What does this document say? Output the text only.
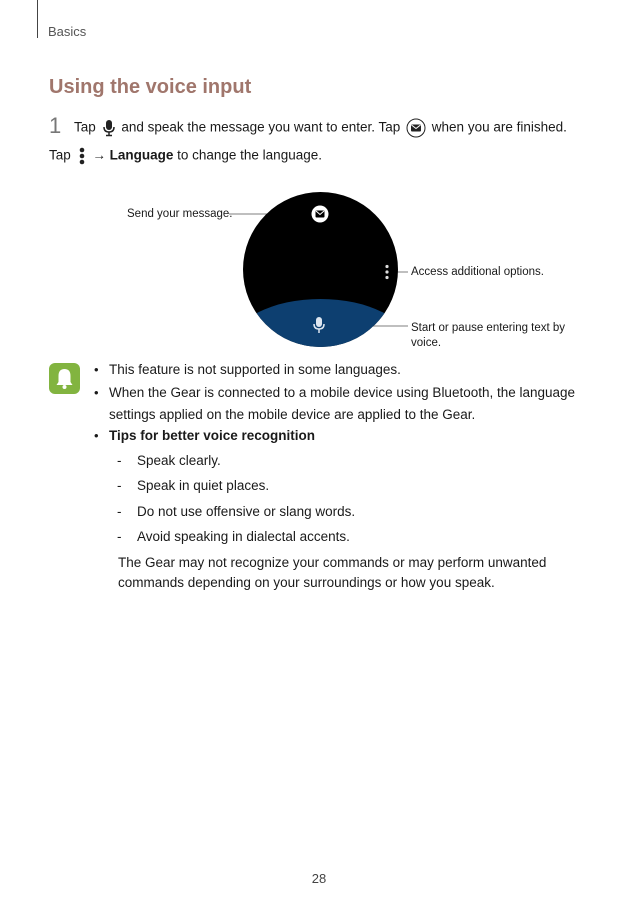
Basics
Using the voice input
1 Tap and speak the message you want to enter. Tap when you are finished.
Tap → Language to change the language.
Send your message.
Access additional options.
Start or pause entering text by voice.
• This feature is not supported in some languages.
• When the Gear is connected to a mobile device using Bluetooth, the language settings applied on the mobile device are applied to the Gear.
• Tips for better voice recognition
- Speak clearly.
- Speak in quiet places.
- Do not use offensive or slang words.
- Avoid speaking in dialectal accents.
The Gear may not recognize your commands or may perform unwanted commands depending on your surroundings or how you speak.
28
